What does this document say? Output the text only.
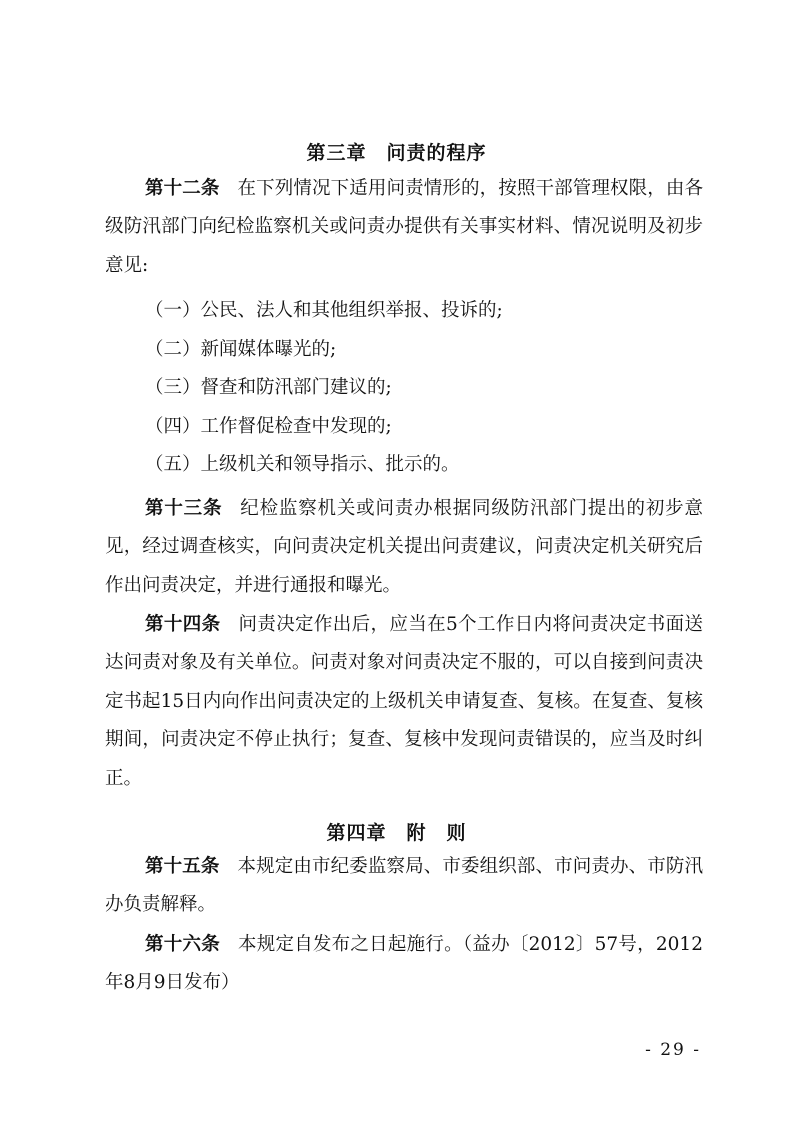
第三章　问责的程序

第十二条 在下列情况下适用问责情形的，按照干部管理权限，由各级防汛部门向纪检监察机关或问责办提供有关事实材料、情况说明及初步意见:

（一）公民、法人和其他组织举报、投诉的;

（二）新闻媒体曝光的;

（三）督查和防汛部门建议的;

（四）工作督促检查中发现的;

（五）上级机关和领导指示、批示的。

第十三条 纪检监察机关或问责办根据同级防汛部门提出的初步意见，经过调查核实，向问责决定机关提出问责建议，问责决定机关研究后作出问责决定，并进行通报和曝光。

第十四条 问责决定作出后，应当在5个工作日内将问责决定书面送达问责对象及有关单位。问责对象对问责决定不服的，可以自接到问责决定书起15日内向作出问责决定的上级机关申请复查、复核。在复查、复核期间，问责决定不停止执行；复查、复核中发现问责错误的，应当及时纠正。

第四章　附　则

第十五条 本规定由市纪委监察局、市委组织部、市问责办、市防汛办负责解释。

第十六条 本规定自发布之日起施行。（益办〔2012〕57号，2012年8月9日发布）

- 29 -
